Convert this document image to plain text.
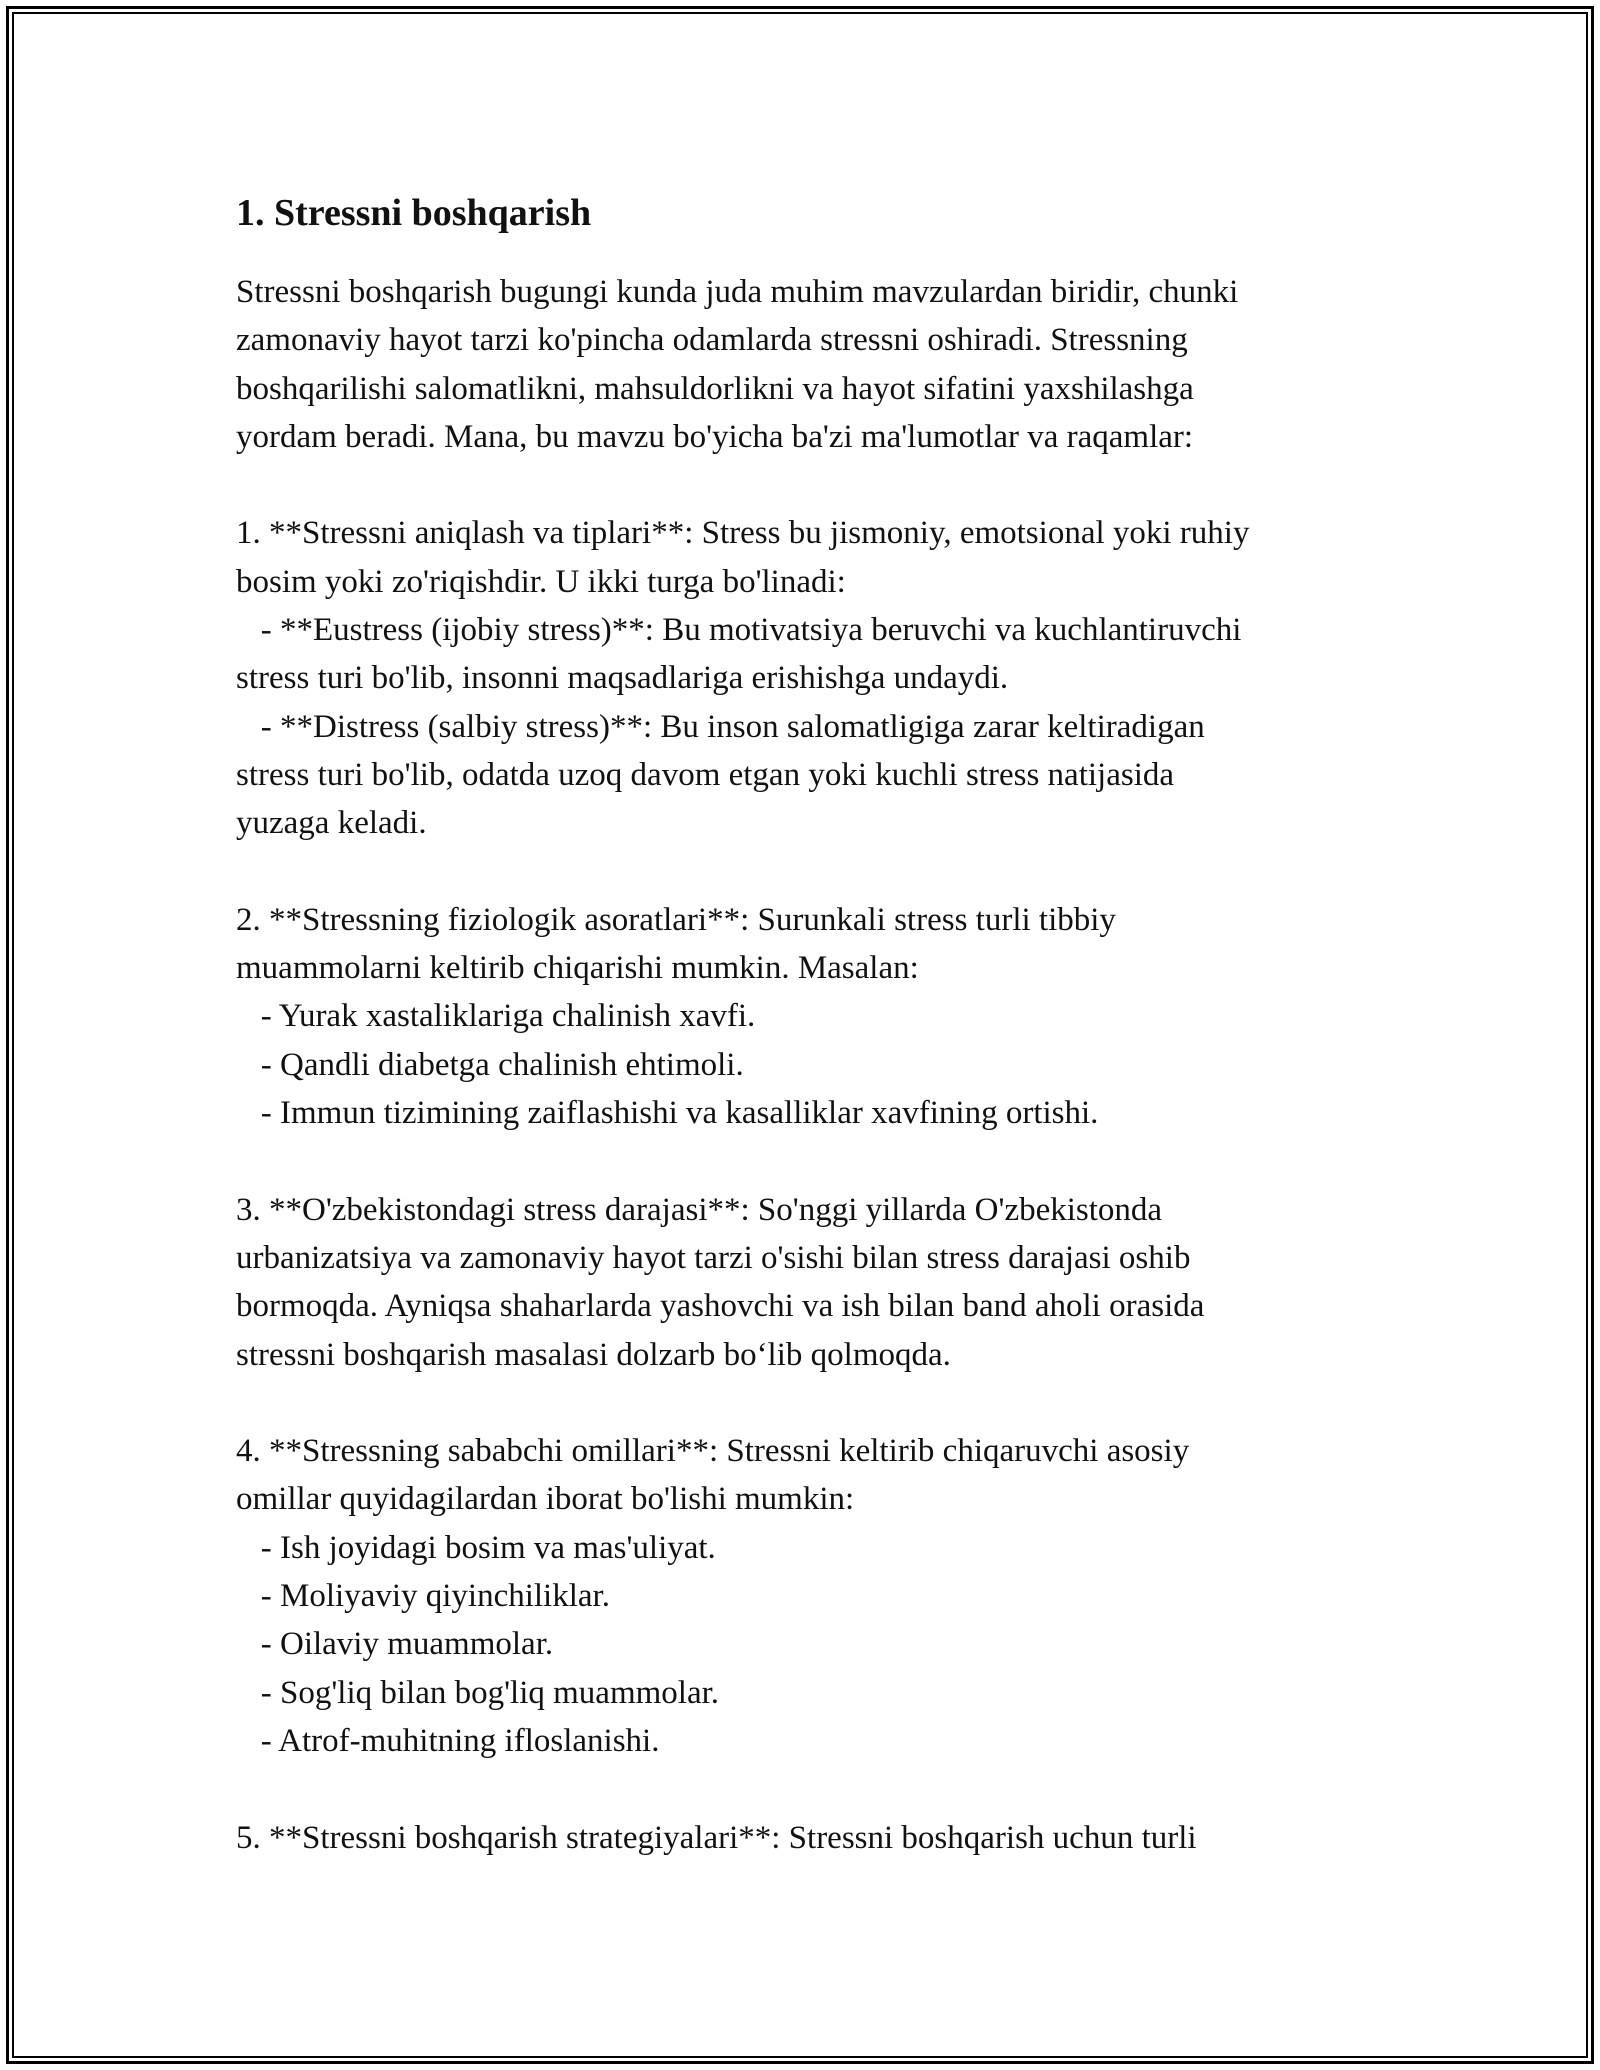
1. Stressni boshqarish
Stressni boshqarish bugungi kunda juda muhim mavzulardan biridir, chunki
zamonaviy hayot tarzi ko'pincha odamlarda stressni oshiradi. Stressning
boshqarilishi salomatlikni, mahsuldorlikni va hayot sifatini yaxshilashga
yordam beradi. Mana, bu mavzu bo'yicha ba'zi ma'lumotlar va raqamlar:
1. **Stressni aniqlash va tiplari**: Stress bu jismoniy, emotsional yoki ruhiy
bosim yoki zo'riqishdir. U ikki turga bo'linadi:
- **Eustress (ijobiy stress)**: Bu motivatsiya beruvchi va kuchlantiruvchi
stress turi bo'lib, insonni maqsadlariga erishishga undaydi.
- **Distress (salbiy stress)**: Bu inson salomatligiga zarar keltiradigan
stress turi bo'lib, odatda uzoq davom etgan yoki kuchli stress natijasida
yuzaga keladi.
2. **Stressning fiziologik asoratlari**: Surunkali stress turli tibbiy
muammolarni keltirib chiqarishi mumkin. Masalan:
- Yurak xastaliklariga chalinish xavfi.
- Qandli diabetga chalinish ehtimoli.
- Immun tizimining zaiflashishi va kasalliklar xavfining ortishi.
3. **O'zbekistondagi stress darajasi**: So'nggi yillarda O'zbekistonda
urbanizatsiya va zamonaviy hayot tarzi o'sishi bilan stress darajasi oshib
bormoqda. Ayniqsa shaharlarda yashovchi va ish bilan band aholi orasida
stressni boshqarish masalasi dolzarb bo‘lib qolmoqda.
4. **Stressning sababchi omillari**: Stressni keltirib chiqaruvchi asosiy
omillar quyidagilardan iborat bo'lishi mumkin:
- Ish joyidagi bosim va mas'uliyat.
- Moliyaviy qiyinchiliklar.
- Oilaviy muammolar.
- Sog'liq bilan bog'liq muammolar.
- Atrof-muhitning ifloslanishi.
5. **Stressni boshqarish strategiyalari**: Stressni boshqarish uchun turli
